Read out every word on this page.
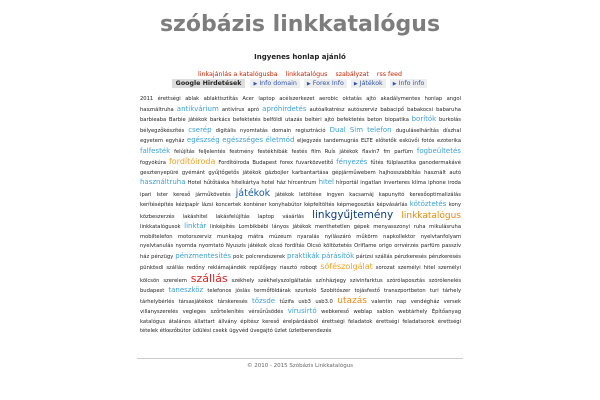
szóbázis linkkatalógus
Ingyenes honlap ajánló
linkajánlás a katalógusba linkkatalógus szabályzat rss feed
Google Hirdetések ▶ Info domain ▶ Forex Info ▶ Játékok ▶ Info info
2011 érettségi ablak ablaktisztítás Acer laptop acélszerkezet aerobic oktatás ajtó akadálymentes honlap angol használtruha antikvárium antivírus apró apróhirdetés autóalkatrész autószerviz babacipő babakocsi babaruha barbieaba Barbie játékok barkács befektetés belföldi utazás beltéri ajtó befektetés beton biopatika borítók burkolás bélyegzőkészítés cserép digitális nyomtatás domain regisztráció Dual Sim telefon duguláselhárítás díszhal egyetem egyház egészség egészséges életmód eljegyzés tandemugrás ELTE előtetők esküvői fotós ezoterika falfesték felújítás feljelentés festmény festékhibák festés film Ruís játékok flavin7 fm parfüm fogbeültetés fogyókúra fordítóiroda Fordítóiroda Budapest forex fuvarközvetítő fényezés fűtés fülplasztika ganodermakávé gesztenyepüré gyémánt gyűjtőgetős játékok gázbojler karbantartása gépjárműwebem hajhosszabbítás használt autó használtruha Hotel hűtőtáska hitelkártya hotel ház hírcentrum hitel hírportál ingatlan inverteres klíma iphone iroda ipari Ister kereső járműkövetés játékok játékok letöltése ingyen kacsamáj kapunyitó keresőoptimalizálás kerítésépítés kézipapír lázsi koncertek konténer konyhabútor képfeltöltés képmegosztás képvásárlás kötöztetés kony közbeszerzés lakáshitel lakásfelújítás laptop vásárlás linkgyűjtemény linkkatalógus linkkatalógusok linktár linképítés Lombikbébi lányos játékok menthetetlen gépek menyasszonyi ruha mikulásruha mobiltelefon motorszerviz munkajog mátra múzeum nyaralás nyílászáró műkörm napkollektor nyelvtanfolyam nyelvtanulás nyomda nyomtató Nyuszis játékok olcsó fordítás Olcsó költöztetés Oriflame origo orrvérzés parfüm passzív ház pénzügy pénzmentesítés polc polcrendszerek praktikák párásítók párizsi szállás pénzkeresés pénzkeresés pünkösdi szállás redőny reklámajándék repülőjegy riasztó roboqt sófészolgálat sorozat személyi hitel személyi kölcsön szerelem szállás székhely székhelyszolgáltatás színházjegy szivinfarktus szórólaposztás szórólenelés budapest taneszköz telefonos jóslás termőföldárak szurkoló Szobitószer tojásfestő transzportbeton turi tárhely tárhelybérlés társasjátékok társkeresés tőzsde tűzifa usb3 usb3.0 utazás valentin nap vendégház versek villanyszerelés vegleges szőrtelenítés vérsűrűsödés vírusirtó webkereső weblap sablon webtárhely Építőanyag katalógus átalános állattart állvány építész kereső érelpárdásból érettségi feladatok érettségi feladatsorok érettségi tételek étkezőbútor üdülési csekk ügyvéd üvegajtó üzlet üzletberendezés
© 2010 - 2015 Szóbázis Linkkatalógus
